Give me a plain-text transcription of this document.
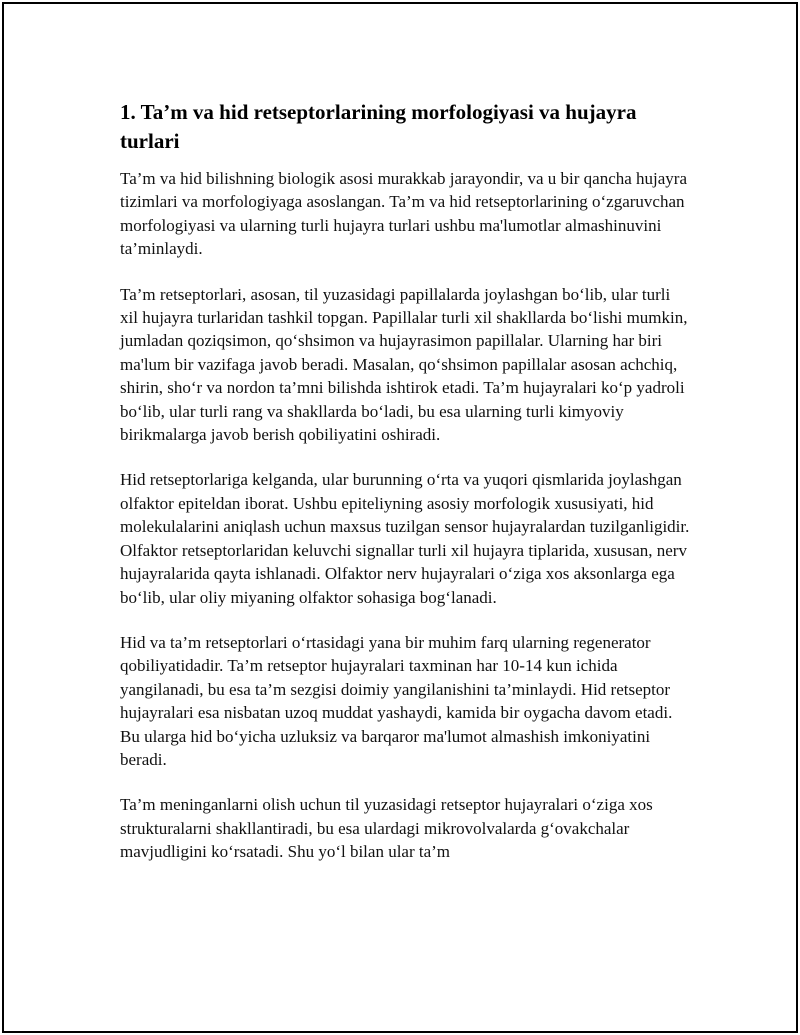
1. Ta’m va hid retseptorlarining morfologiyasi va hujayra turlari

Ta’m va hid bilishning biologik asosi murakkab jarayondir, va u bir qancha hujayra tizimlari va morfologiyaga asoslangan. Ta’m va hid retseptorlarining o‘zgaruvchan morfologiyasi va ularning turli hujayra turlari ushbu ma'lumotlar almashinuvini ta’minlaydi.

Ta’m retseptorlari, asosan, til yuzasidagi papillalarda joylashgan bo‘lib, ular turli xil hujayra turlaridan tashkil topgan. Papillalar turli xil shakllarda bo‘lishi mumkin, jumladan qoziqsimon, qo‘shsimon va hujayrasimon papillalar. Ularning har biri ma'lum bir vazifaga javob beradi. Masalan, qo‘shsimon papillalar asosan achchiq, shirin, sho‘r va nordon ta’mni bilishda ishtirok etadi. Ta’m hujayralari ko‘p yadroli bo‘lib, ular turli rang va shakllarda bo‘ladi, bu esa ularning turli kimyoviy birikmalarga javob berish qobiliyatini oshiradi.

Hid retseptorlariga kelganda, ular burunning o‘rta va yuqori qismlarida joylashgan olfaktor epiteldan iborat. Ushbu epiteliyning asosiy morfologik xususiyati, hid molekulalarini aniqlash uchun maxsus tuzilgan sensor hujayralardan tuzilganligidir. Olfaktor retseptorlaridan keluvchi signallar turli xil hujayra tiplarida, xususan, nerv hujayralarida qayta ishlanadi. Olfaktor nerv hujayralari o‘ziga xos aksonlarga ega bo‘lib, ular oliy miyaning olfaktor sohasiga bog‘lanadi.

Hid va ta’m retseptorlari o‘rtasidagi yana bir muhim farq ularning regenerator qobiliyatidadir. Ta’m retseptor hujayralari taxminan har 10-14 kun ichida yangilanadi, bu esa ta’m sezgisi doimiy yangilanishini ta’minlaydi. Hid retseptor hujayralari esa nisbatan uzoq muddat yashaydi, kamida bir oygacha davom etadi. Bu ularga hid bo‘yicha uzluksiz va barqaror ma'lumot almashish imkoniyatini beradi.

Ta’m meninganlarni olish uchun til yuzasidagi retseptor hujayralari o‘ziga xos strukturalarni shakllantiradi, bu esa ulardagi mikrovolvalarda g‘ovakchalar mavjudligini ko‘rsatadi. Shu yo‘l bilan ular ta’m
